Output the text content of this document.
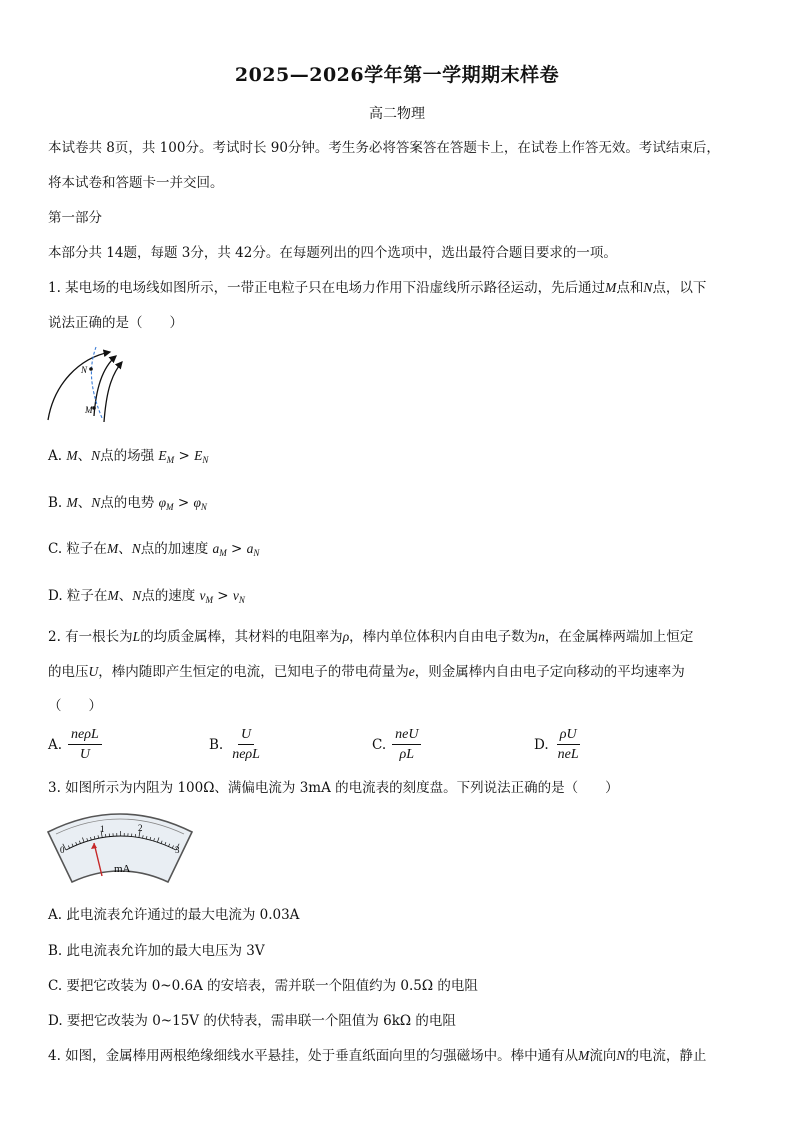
2025—2026学年第一学期期末样卷
高二物理
本试卷共 8页，共 100分。考试时长 90分钟。考生务必将答案答在答题卡上，在试卷上作答无效。考试结束后，
将本试卷和答题卡一并交回。
第一部分
本部分共 14题，每题 3分，共 42分。在每题列出的四个选项中，选出最符合题目要求的一项。
1. 某电场的电场线如图所示，一带正电粒子只在电场力作用下沿虚线所示路径运动，先后通过M点和N点，以下
说法正确的是（　　）
N
M
A. M、N点的场强 $E_M > E_N$
B. M、N点的电势 $\varphi_M > \varphi_N$
C. 粒子在M、N点的加速度 $a_M > a_N$
D. 粒子在M、N点的速度 $v_M > v_N$
2. 有一根长为L的均质金属棒，其材料的电阻率为ρ，棒内单位体积内自由电子数为n，在金属棒两端加上恒定
的电压U，棒内随即产生恒定的电流，已知电子的带电荷量为e，则金属棒内自由电子定向移动的平均速率为
（　　）
A. $\frac{\text{neρL}}{U}$	B. $\frac{U}{\text{neρL}}$	C. $\frac{\text{neU}}{\rho L}$	D. $\frac{\rho U}{\text{neL}}$
3. 如图所示为内阻为 100Ω、满偏电流为 3mA 的电流表的刻度盘。下列说法正确的是（　　）
0
1	2
3
mA
A. 此电流表允许通过的最大电流为 0.03A
B. 此电流表允许加的最大电压为 3V
C. 要把它改装为 0~0.6A 的安培表，需并联一个阻值约为 0.5Ω 的电阻
D. 要把它改装为 0~15V 的伏特表，需串联一个阻值为 6kΩ 的电阻
4. 如图，金属棒用两根绝缘细线水平悬挂，处于垂直纸面向里的匀强磁场中。棒中通有从M流向N的电流，静止
